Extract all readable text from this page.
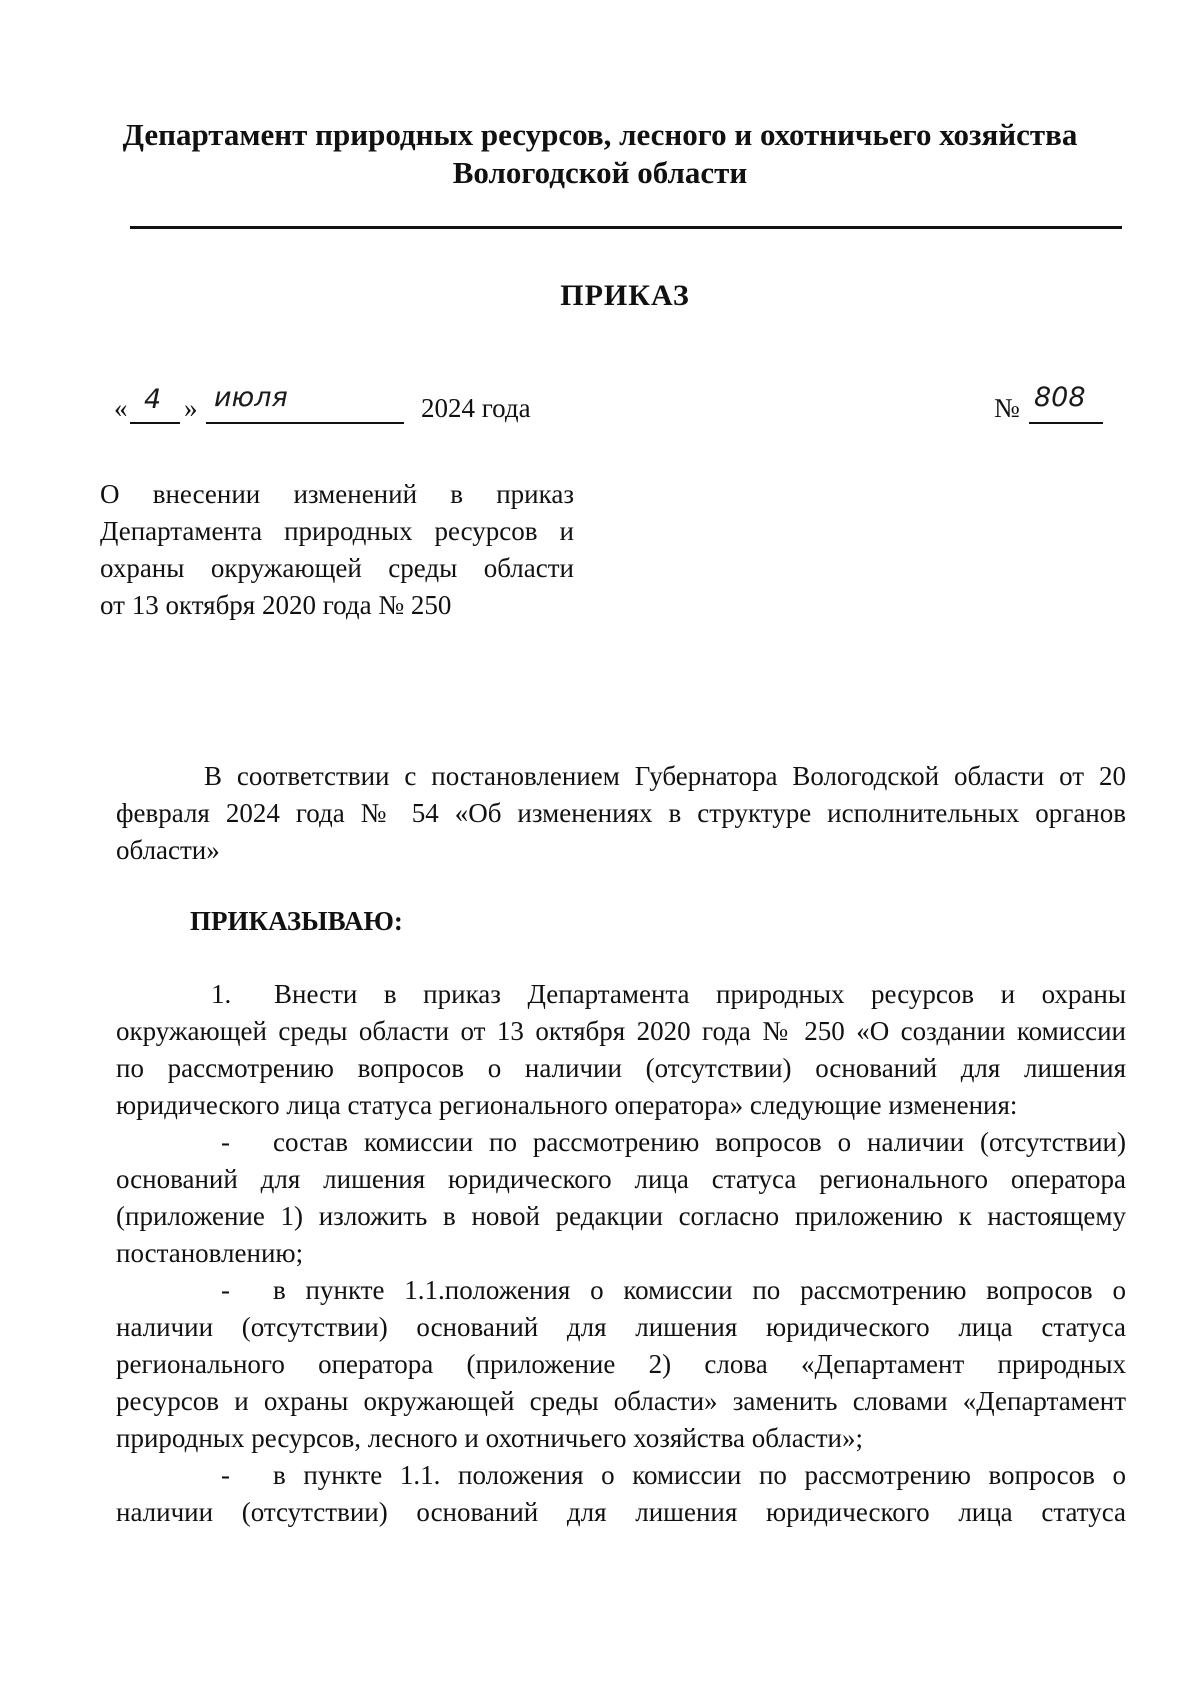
Департамент природных ресурсов, лесного и охотничьего хозяйства
Вологодской области
ПРИКАЗ
« 4 » июля	2024 года	№ 808
О внесении изменений в приказ
Департамента природных ресурсов и
охраны окружающей среды области
от 13 октября 2020 года № 250
В соответствии с постановлением Губернатора Вологодской области от 20
февраля 2024 года № 54 «Об изменениях в структуре исполнительных органов
области»
ПРИКАЗЫВАЮ:
1. Внести в приказ Департамента природных ресурсов и охраны
окружающей среды области от 13 октября 2020 года № 250 «О создании комиссии
по рассмотрению вопросов о наличии (отсутствии) оснований для лишения
юридического лица статуса регионального оператора» следующие изменения:
- состав комиссии по рассмотрению вопросов о наличии (отсутствии)
оснований для лишения юридического лица статуса регионального оператора
(приложение 1) изложить в новой редакции согласно приложению к настоящему
постановлению;
- в пункте 1.1.положения о комиссии по рассмотрению вопросов о
наличии (отсутствии) оснований для лишения юридического лица статуса
регионального оператора (приложение 2) слова «Департамент природных
ресурсов и охраны окружающей среды области» заменить словами «Департамент
природных ресурсов, лесного и охотничьего хозяйства области»;
- в пункте 1.1. положения о комиссии по рассмотрению вопросов о
наличии (отсутствии) оснований для лишения юридического лица статуса
